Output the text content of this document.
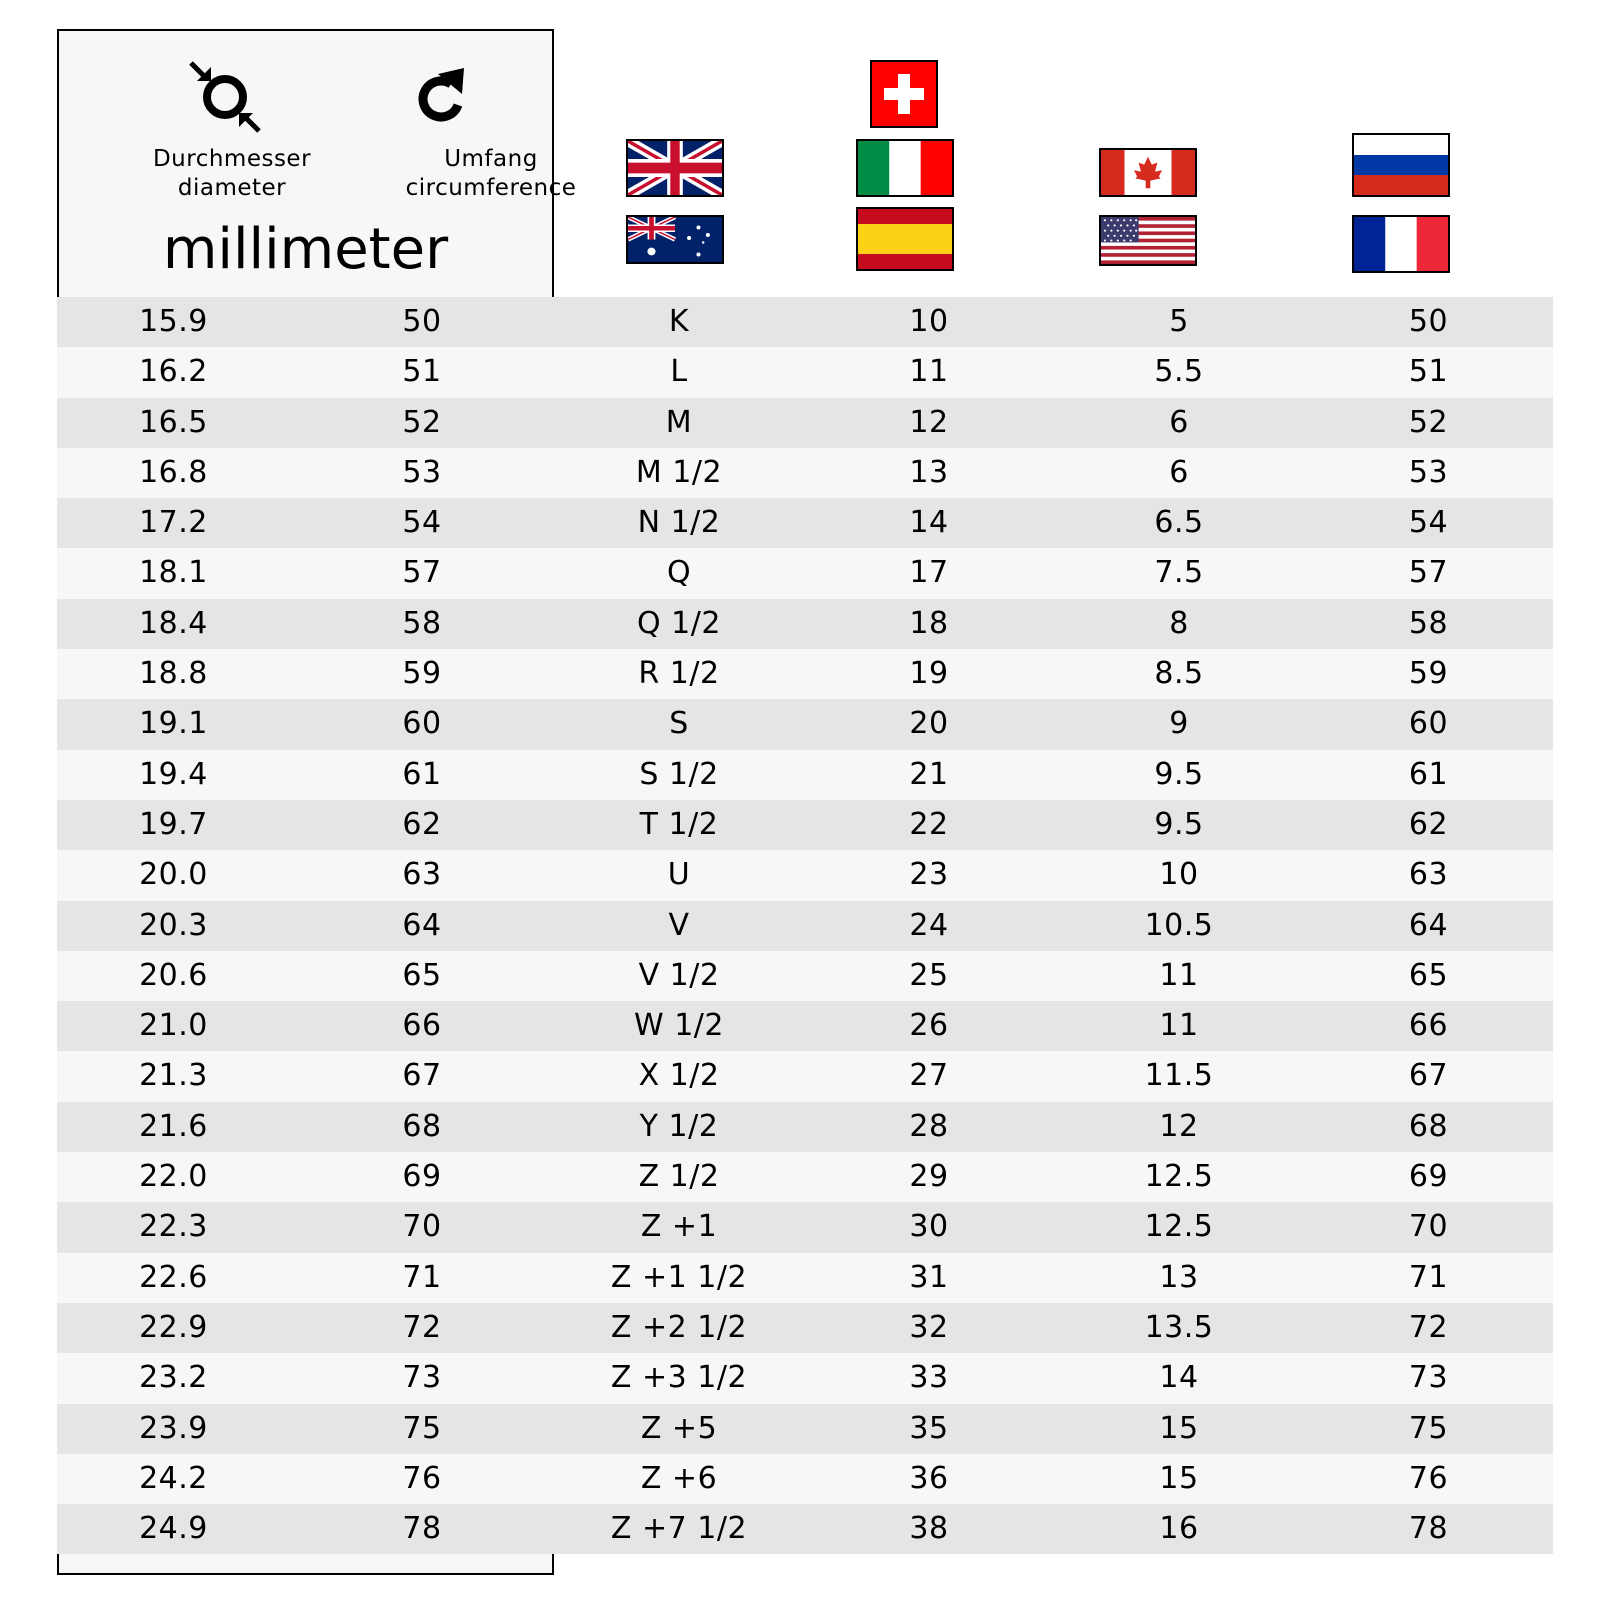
Durchmesser
diameter
Umfang
circumference
millimeter
15.9	50	K	10	5	50
16.2	51	L	11	5.5	51
16.5	52	M	12	6	52
16.8	53	M 1/2	13	6	53
17.2	54	N 1/2	14	6.5	54
18.1	57	Q	17	7.5	57
18.4	58	Q 1/2	18	8	58
18.8	59	R 1/2	19	8.5	59
19.1	60	S	20	9	60
19.4	61	S 1/2	21	9.5	61
19.7	62	T 1/2	22	9.5	62
20.0	63	U	23	10	63
20.3	64	V	24	10.5	64
20.6	65	V 1/2	25	11	65
21.0	66	W 1/2	26	11	66
21.3	67	X 1/2	27	11.5	67
21.6	68	Y 1/2	28	12	68
22.0	69	Z 1/2	29	12.5	69
22.3	70	Z +1	30	12.5	70
22.6	71	Z +1 1/2	31	13	71
22.9	72	Z +2 1/2	32	13.5	72
23.2	73	Z +3 1/2	33	14	73
23.9	75	Z +5	35	15	75
24.2	76	Z +6	36	15	76
24.9	78	Z +7 1/2	38	16	78
